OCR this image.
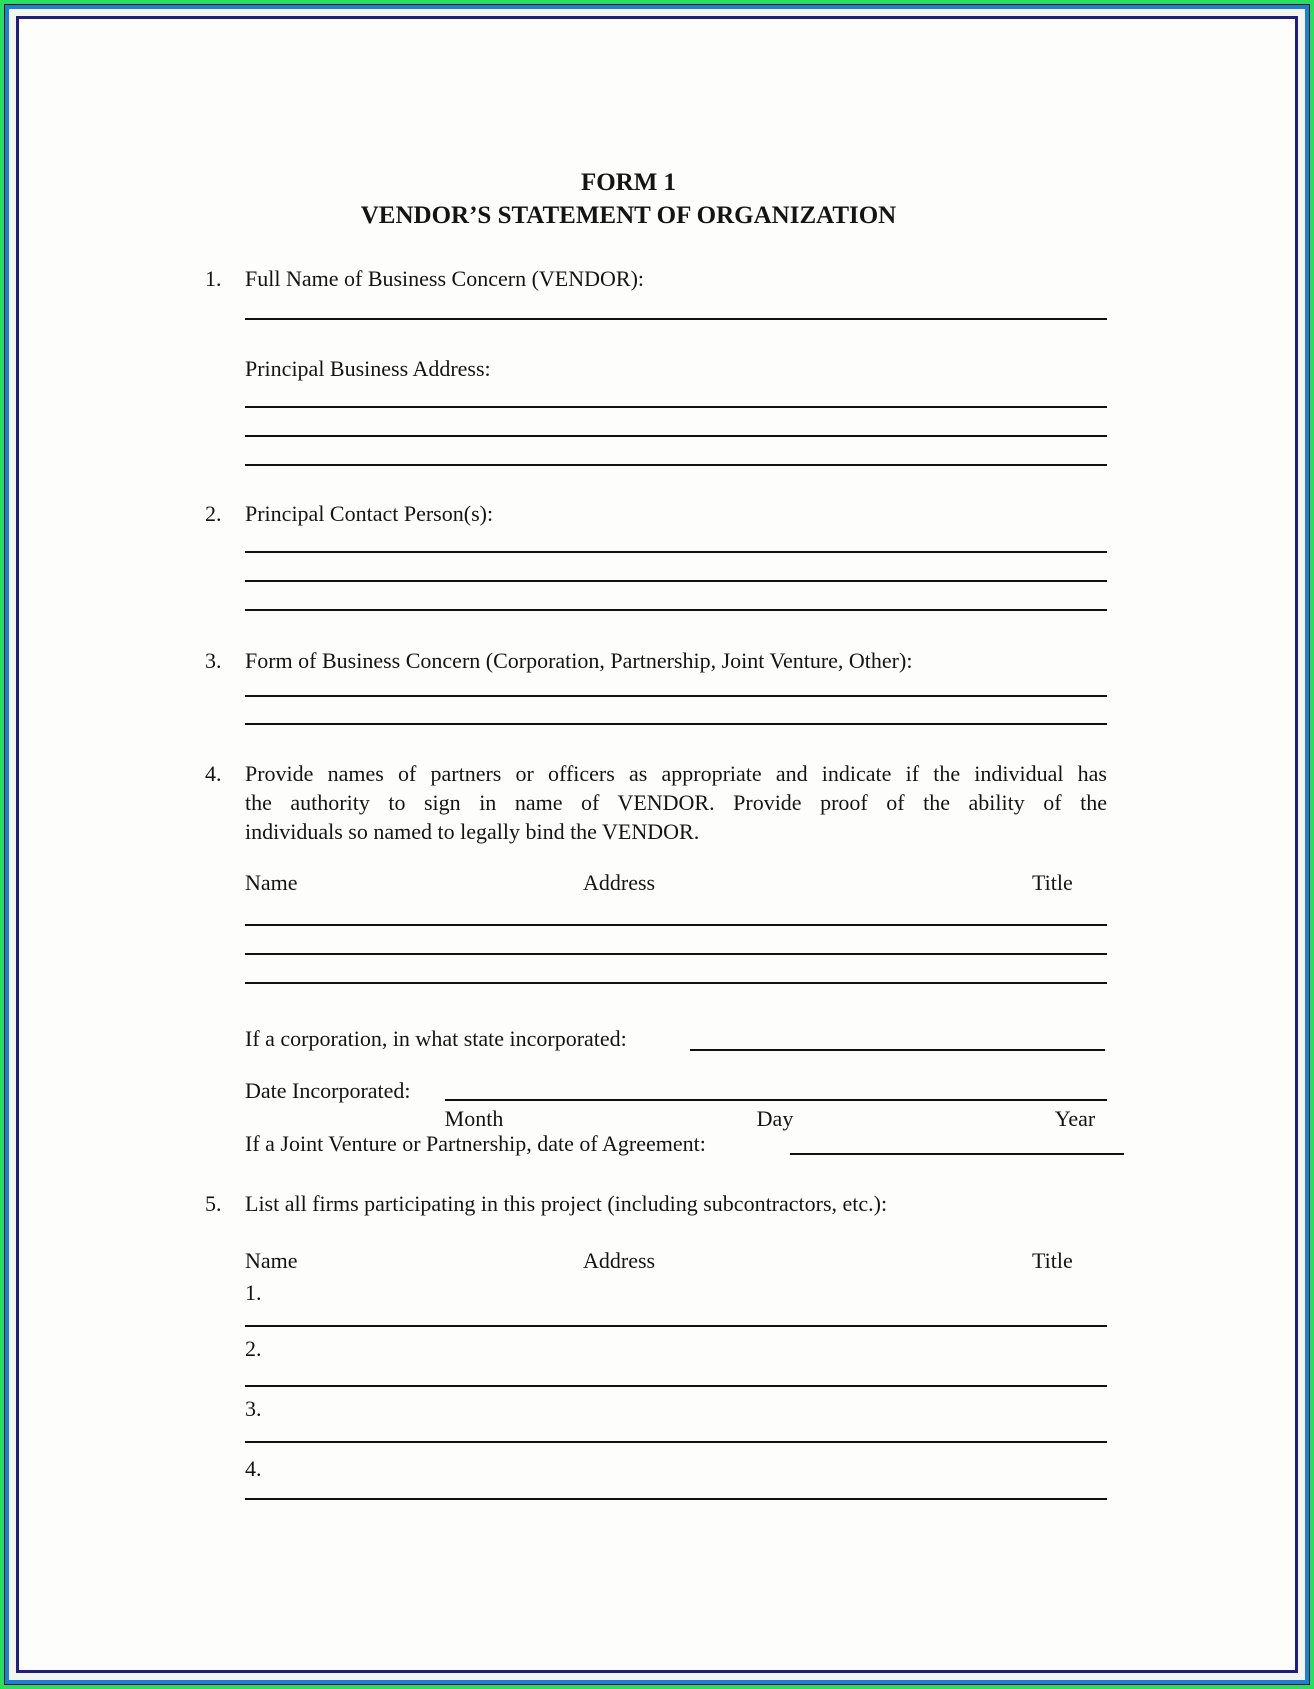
FORM 1
VENDOR’S STATEMENT OF ORGANIZATION
1. Full Name of Business Concern (VENDOR):
Principal Business Address:
2. Principal Contact Person(s):
3. Form of Business Concern (Corporation, Partnership, Joint Venture, Other):
4. Provide names of partners or officers as appropriate and indicate if the individual has
the authority to sign in name of VENDOR. Provide proof of the ability of the
individuals so named to legally bind the VENDOR.
Name	Address	Title
If a corporation, in what state incorporated:
Date Incorporated:
Month	Day	Year
If a Joint Venture or Partnership, date of Agreement:
5. List all firms participating in this project (including subcontractors, etc.):
Name	Address	Title
1.
2.
3.
4.
